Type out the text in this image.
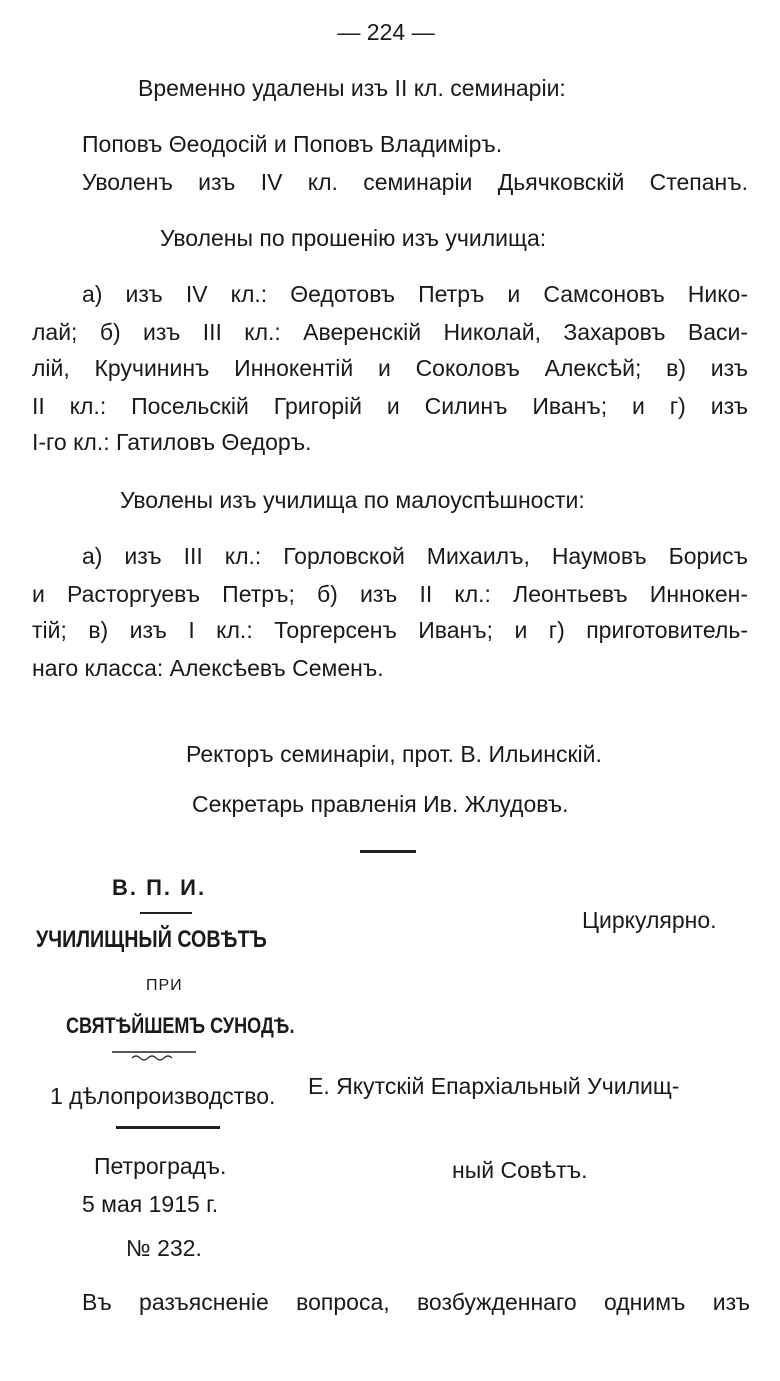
— 224 —
Временно удалены изъ II кл. семинарiи:
Поповъ Θеодосiй и Поповъ Владимiръ.
Уволенъ изъ IV кл. семинарiи Дьячковскiй Степанъ.
Уволены по прошенiю изъ училища:
а) изъ IV кл.: Θедотовъ Петръ и Самсоновъ Нико-
лай; б) изъ III кл.: Аверенскiй Николай, Захаровъ Васи-
лiй, Кручининъ Иннокентiй и Соколовъ Алексѣй; в) изъ
II кл.: Посельскiй Григорiй и Силинъ Иванъ; и г) изъ
I-го кл.: Гатиловъ Θедоръ.
Уволены изъ училища по малоуспѣшности:
а) изъ III кл.: Горловской Михаилъ, Наумовъ Борисъ
и Расторгуевъ Петръ; б) изъ II кл.: Леонтьевъ Иннокен-
тiй; в) изъ I кл.: Торгерсенъ Иванъ; и г) приготовитель-
наго класса: Алексѣевъ Семенъ.
Ректоръ семинарiи, прот. В. Ильинскiй.
Секретарь правленiя Ив. Жлудовъ.
В. П. И.
УЧИЛИЩНЫЙ СОВѢТЪ
ПРИ
СВЯТѢЙШЕМЪ СУНОДѢ.
1 дѣлопроизводство.
Петроградъ.
5 мая 1915 г.
№ 232.
Циркулярно.
Е. Якутскiй Епархiальный Училищ-
ный Совѣтъ.
Въ разъясненiе вопроса, возбужденнаго однимъ изъ
